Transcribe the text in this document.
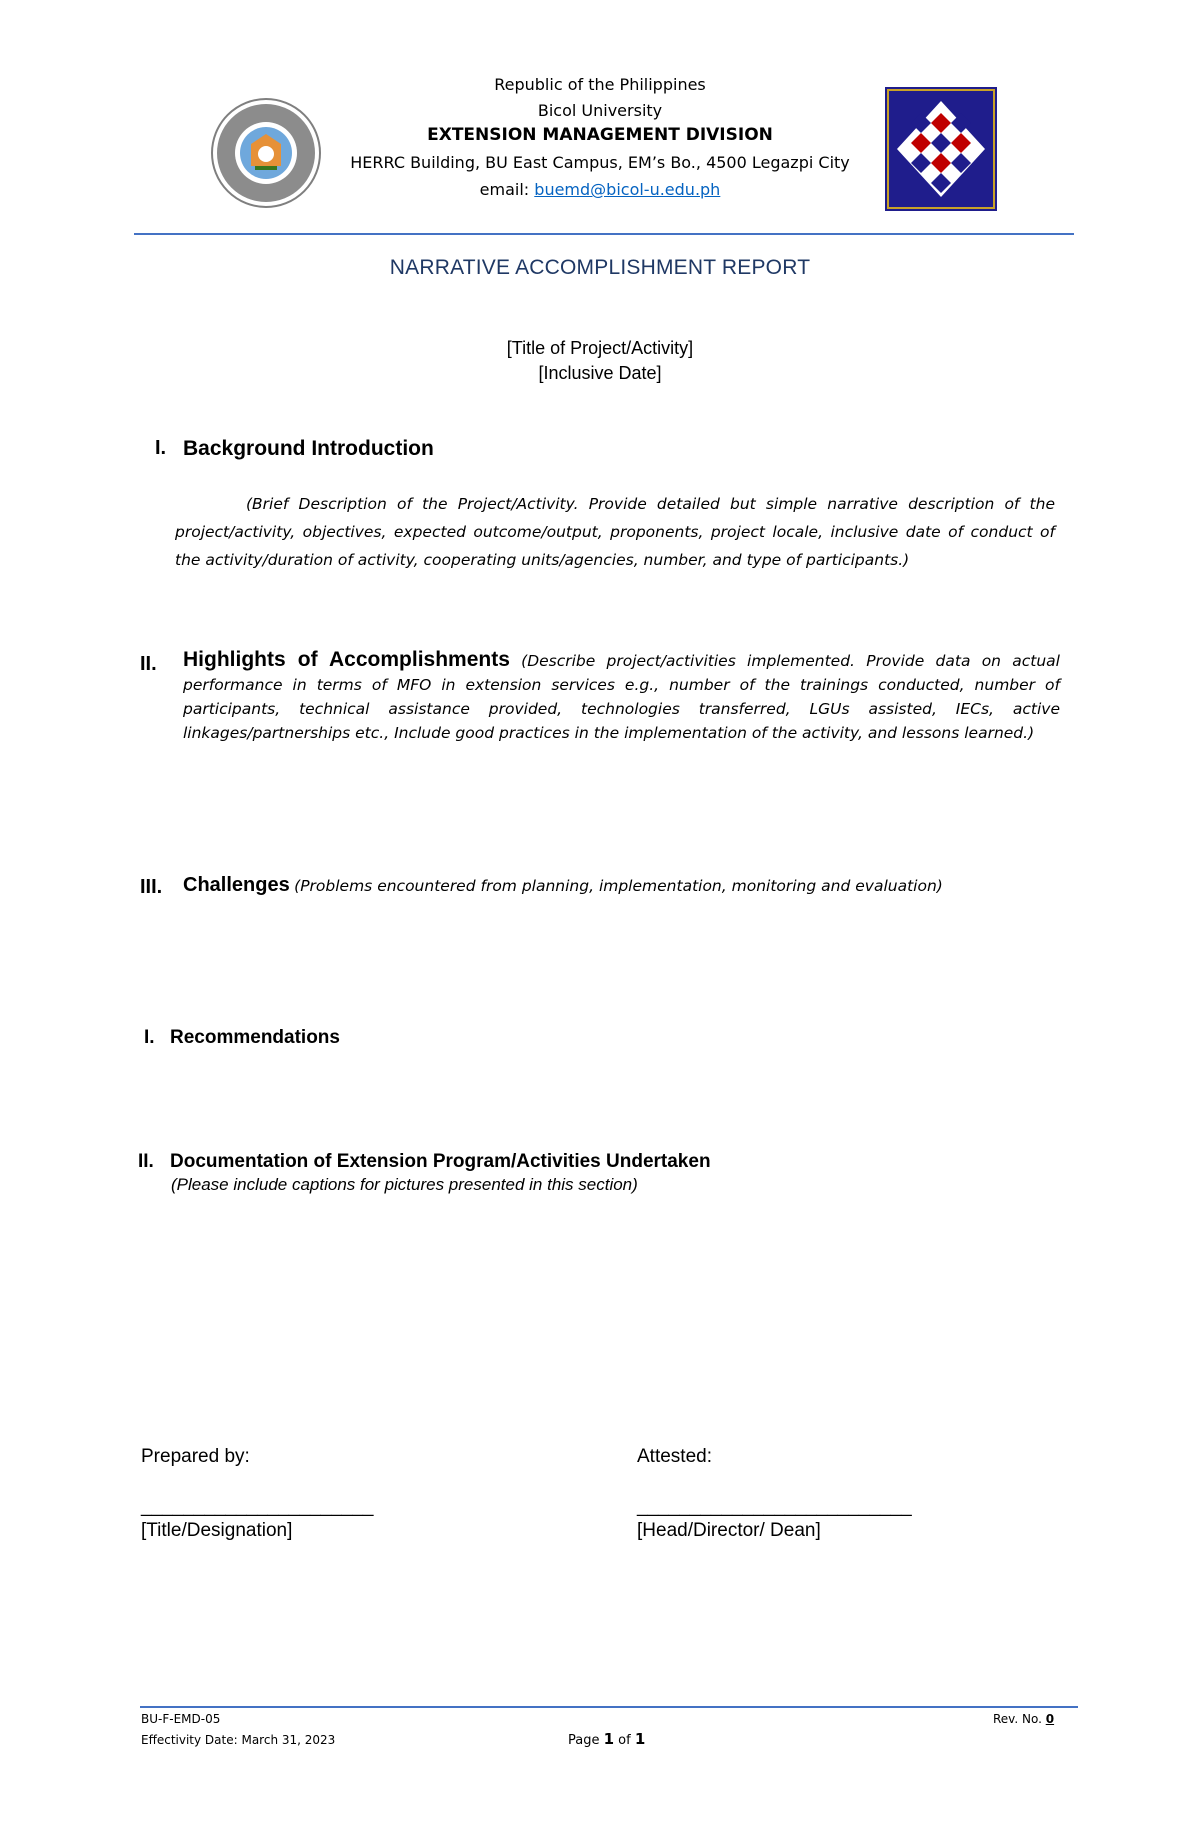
Republic of the Philippines
Bicol University
EXTENSION MANAGEMENT DIVISION
HERRC Building, BU East Campus, EM’s Bo., 4500 Legazpi City
email: buemd@bicol-u.edu.ph
NARRATIVE ACCOMPLISHMENT REPORT
[Title of Project/Activity]
[Inclusive Date]
I. Background Introduction
(Brief Description of the Project/Activity. Provide detailed but simple narrative description of the project/activity, objectives, expected outcome/output, proponents, project locale, inclusive date of conduct of the activity/duration of activity, cooperating units/agencies, number, and type of participants.)
II. Highlights of Accomplishments (Describe project/activities implemented. Provide data on actual performance in terms of MFO in extension services e.g., number of the trainings conducted, number of participants, technical assistance provided, technologies transferred, LGUs assisted, IECs, active linkages/partnerships etc., Include good practices in the implementation of the activity, and lessons learned.)
III. Challenges (Problems encountered from planning, implementation, monitoring and evaluation)
I. Recommendations
II. Documentation of Extension Program/Activities Undertaken
(Please include captions for pictures presented in this section)
Prepared by:
______________________
[Title/Designation]
Attested:
__________________________
[Head/Director/ Dean]
BU-F-EMD-05
Effectivity Date: March 31, 2023	Page 1 of 1
Rev. No. 0
